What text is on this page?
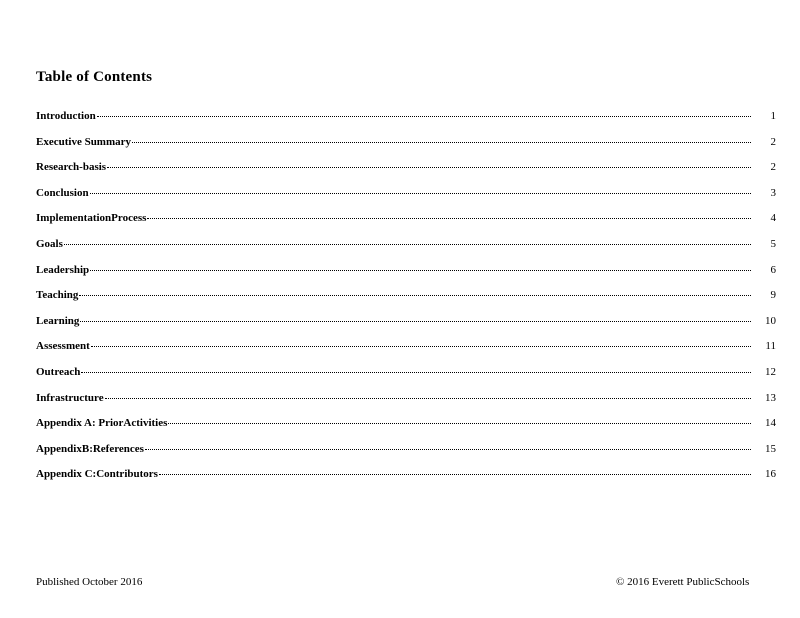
Table of Contents
Introduction	1
Executive Summary	2
Research-basis	2
Conclusion	3
ImplementationProcess	4
Goals	5
Leadership	6
Teaching	9
Learning	10
Assessment	11
Outreach	12
Infrastructure	13
Appendix A: PriorActivities	14
AppendixB:References	15
Appendix C:Contributors	16
Published October 2016	© 2016 Everett PublicSchools
